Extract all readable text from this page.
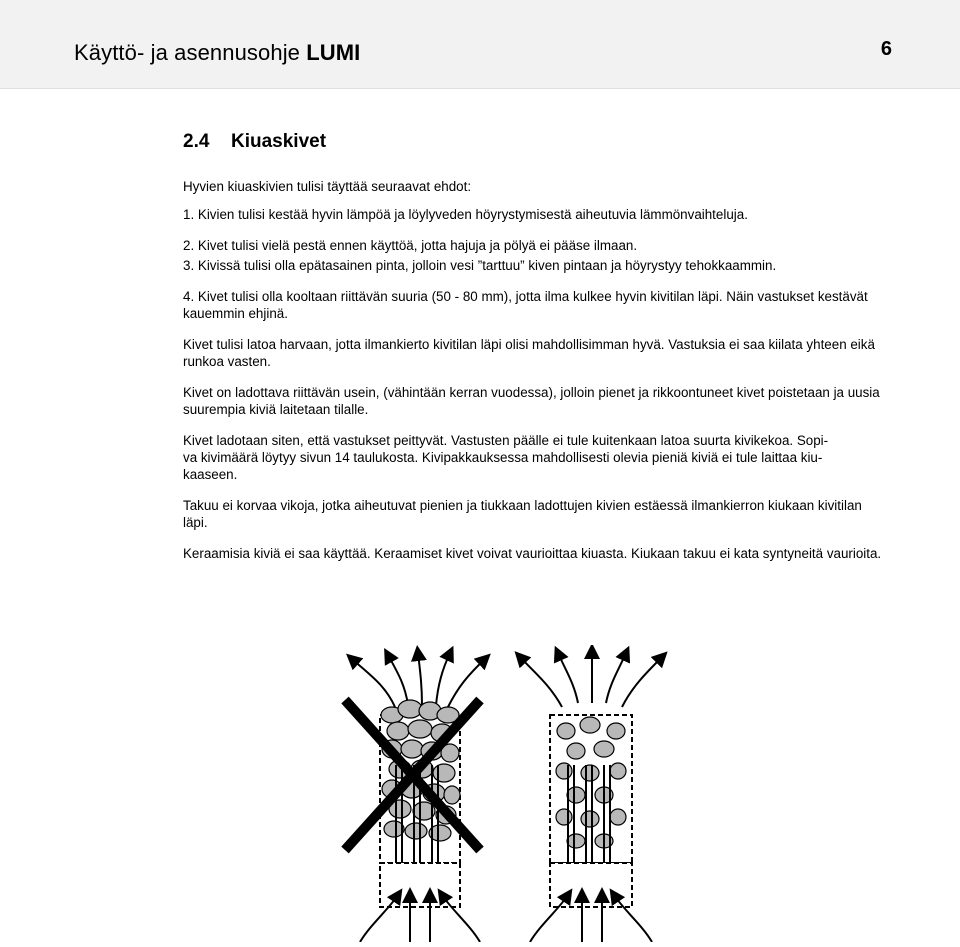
Käyttö- ja asennusohje LUMI	6
2.4 Kiuaskivet

Hyvien kiuaskivien tulisi täyttää seuraavat ehdot:

1. Kivien tulisi kestää hyvin lämpöä ja löylyveden höyrystymisestä aiheutuvia lämmönvaihteluja.

2. Kivet tulisi vielä pestä ennen käyttöä, jotta hajuja ja pölyä ei pääse ilmaan.

3. Kivissä tulisi olla epätasainen pinta, jolloin vesi ”tarttuu” kiven pintaan ja höyrystyy tehokkaammin.

4. Kivet tulisi olla kooltaan riittävän suuria (50 - 80 mm), jotta ilma kulkee hyvin kivitilan läpi. Näin vastukset kestävät kauemmin ehjinä.

Kivet tulisi latoa harvaan, jotta ilmankierto kivitilan läpi olisi mahdollisimman hyvä. Vastuksia ei saa kiilata yhteen eikä runkoa vasten.

Kivet on ladottava riittävän usein, (vähintään kerran vuodessa), jolloin pienet ja rikkoontuneet kivet poistetaan ja uusia suurempia kiviä laitetaan tilalle.

Kivet ladotaan siten, että vastukset peittyvät. Vastusten päälle ei tule kuitenkaan latoa suurta kivikekoa. Sopi-

va kivimäärä löytyy sivun 14 taulukosta. Kivipakkauksessa mahdollisesti olevia pieniä kiviä ei tule laittaa kiu-

kaaseen.

Takuu ei korvaa vikoja, jotka aiheutuvat pienien ja tiukkaan ladottujen kivien estäessä ilmankierron kiukaan kivitilan läpi.

Keraamisia kiviä ei saa käyttää. Keraamiset kivet voivat vaurioittaa kiuasta. Kiukaan takuu ei kata syntyneitä vaurioita.
